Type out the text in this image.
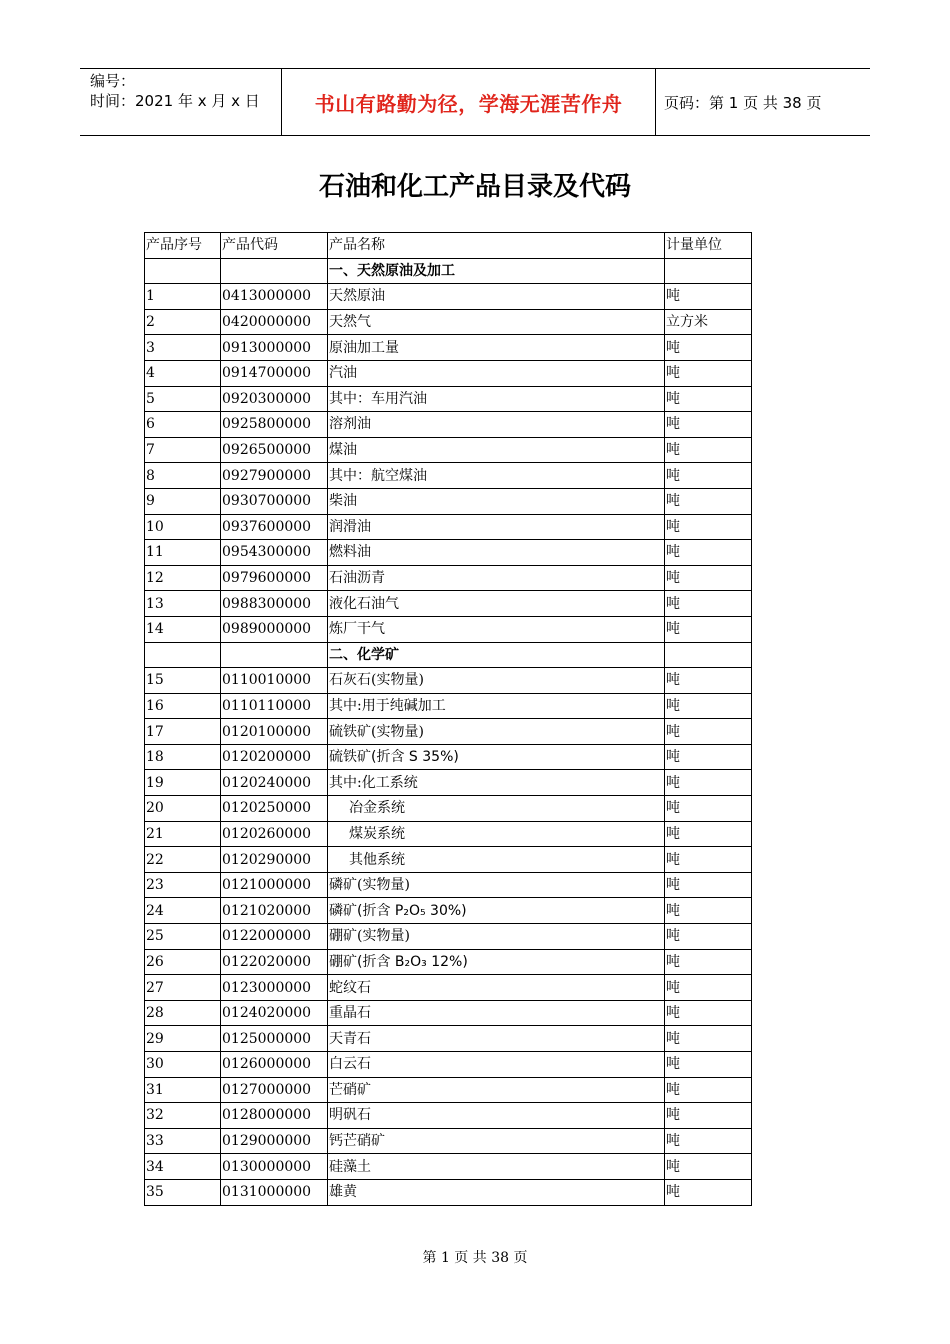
编号：
时间：2021 年 x 月 x 日	书山有路勤为径，学海无涯苦作舟	页码：第 1 页 共 38 页
石油和化工产品目录及代码
产品序号	产品代码	产品名称	计量单位
		一、天然原油及加工	
1	0413000000	天然原油	吨
2	0420000000	天然气	立方米
3	0913000000	原油加工量	吨
4	0914700000	汽油	吨
5	0920300000	其中：车用汽油	吨
6	0925800000	溶剂油	吨
7	0926500000	煤油	吨
8	0927900000	其中：航空煤油	吨
9	0930700000	柴油	吨
10	0937600000	润滑油	吨
11	0954300000	燃料油	吨
12	0979600000	石油沥青	吨
13	0988300000	液化石油气	吨
14	0989000000	炼厂干气	吨
		二、化学矿	
15	0110010000	石灰石(实物量)	吨
16	0110110000	其中:用于纯碱加工	吨
17	0120100000	硫铁矿(实物量)	吨
18	0120200000	硫铁矿(折含 S 35%)	吨
19	0120240000	其中:化工系统	吨
20	0120250000	冶金系统	吨
21	0120260000	煤炭系统	吨
22	0120290000	其他系统	吨
23	0121000000	磷矿(实物量)	吨
24	0121020000	磷矿(折含 P₂O₅ 30%)	吨
25	0122000000	硼矿(实物量)	吨
26	0122020000	硼矿(折含 B₂O₃ 12%)	吨
27	0123000000	蛇纹石	吨
28	0124020000	重晶石	吨
29	0125000000	天青石	吨
30	0126000000	白云石	吨
31	0127000000	芒硝矿	吨
32	0128000000	明矾石	吨
33	0129000000	钙芒硝矿	吨
34	0130000000	硅藻土	吨
35	0131000000	雄黄	吨
第 1 页 共 38 页
